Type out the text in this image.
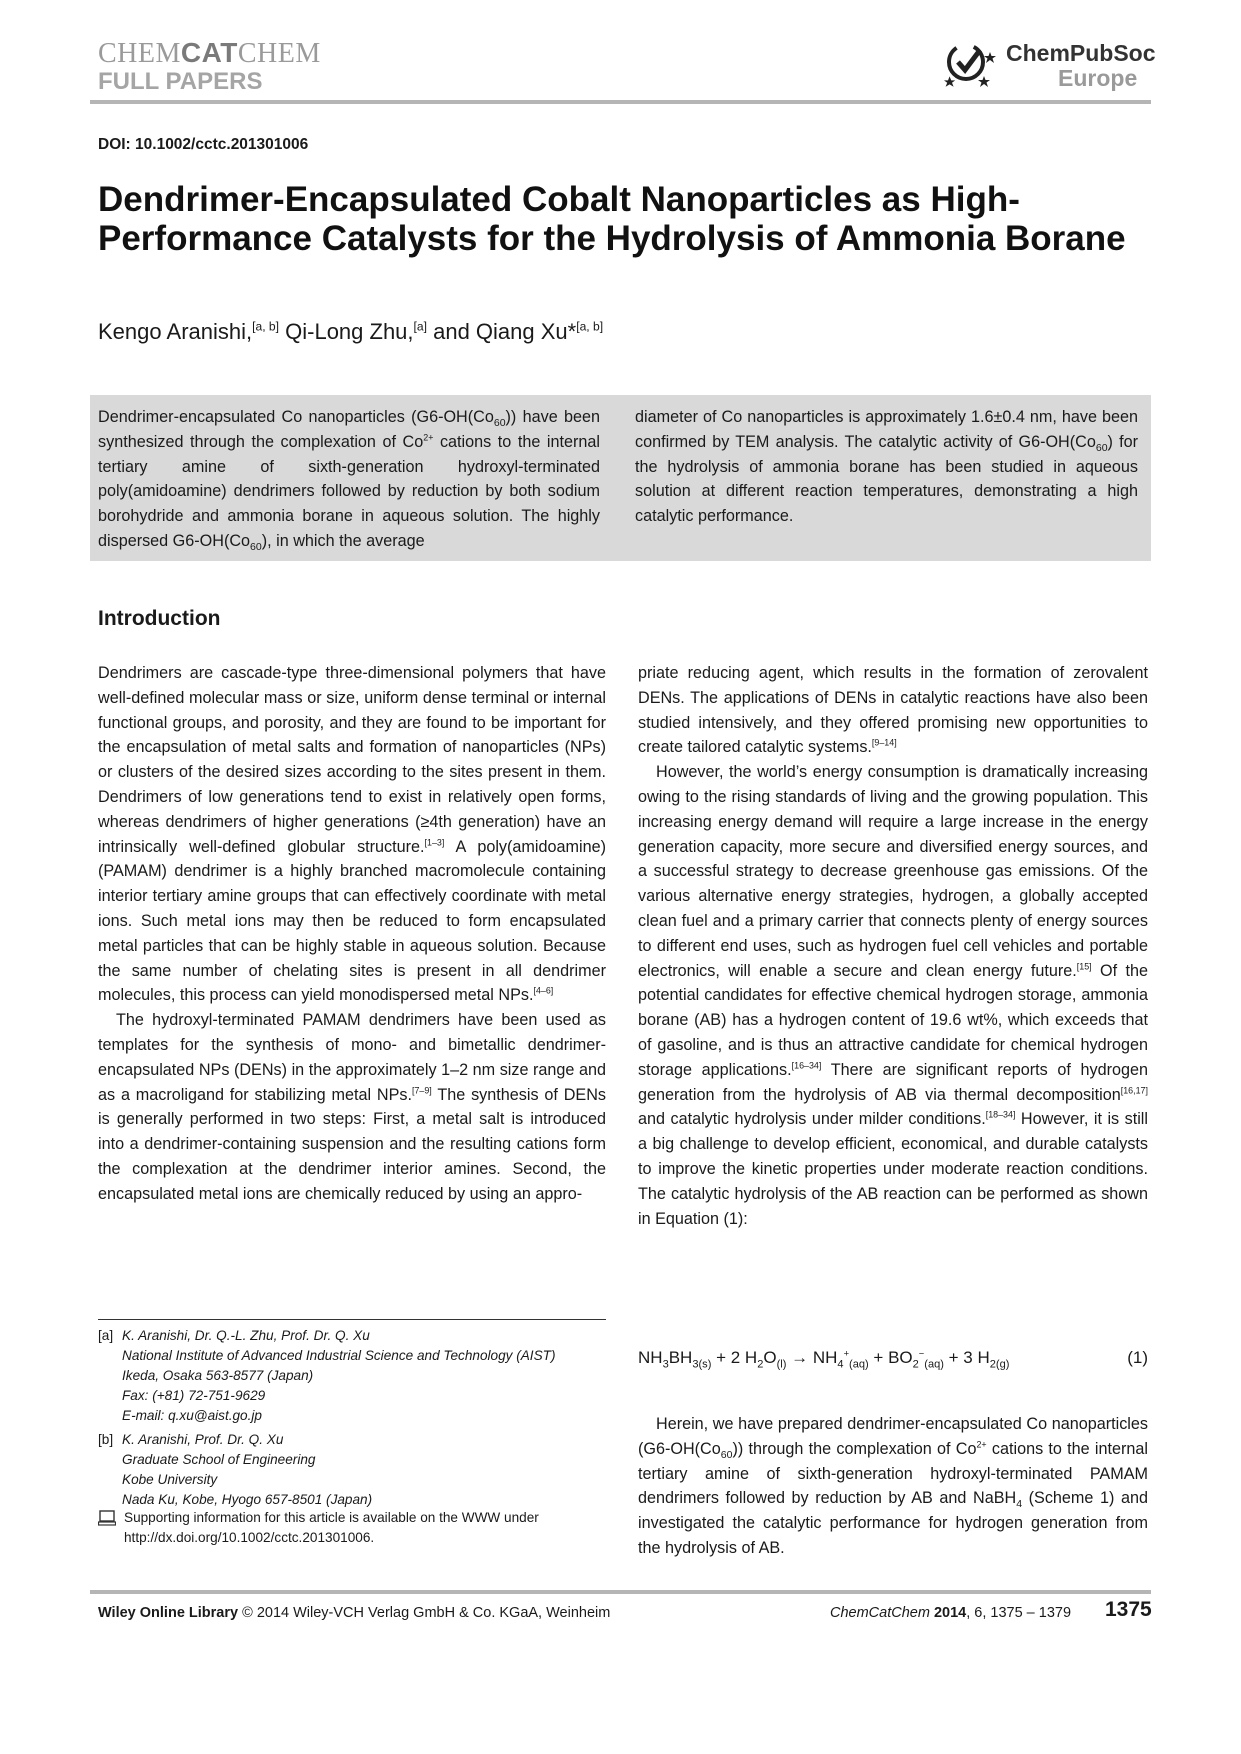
CHEMCATCHEM
FULL PAPERS
ChemPubSoc
Europe
DOI: 10.1002/cctc.201301006
Dendrimer-Encapsulated Cobalt Nanoparticles as High-Performance Catalysts for the Hydrolysis of Ammonia Borane
Kengo Aranishi,[a, b] Qi-Long Zhu,[a] and Qiang Xu*[a, b]
Dendrimer-encapsulated Co nanoparticles $(G6-OH(Co_{60}))$ have been synthesized through the complexation of $Co^{2+}$ cations to the internal tertiary amine of sixth-generation hydroxyl-terminated poly(amidoamine) dendrimers followed by reduction by both sodium borohydride and ammonia borane in aqueous solution. The highly dispersed $G6-OH(Co_{60})$, in which the average
diameter of Co nanoparticles is approximately 1.6±0.4 nm, have been confirmed by TEM analysis. The catalytic activity of $G6-OH(Co_{60})$ for the hydrolysis of ammonia borane has been studied in aqueous solution at different reaction temperatures, demonstrating a high catalytic performance.
Introduction

Dendrimers are cascade-type three-dimensional polymers that have well-defined molecular mass or size, uniform dense terminal or internal functional groups, and porosity, and they are found to be important for the encapsulation of metal salts and formation of nanoparticles (NPs) or clusters of the desired sizes according to the sites present in them. Dendrimers of low generations tend to exist in relatively open forms, whereas dendrimers of higher generations (≥4th generation) have an intrinsically well-defined globular structure.[1–3] A poly(amidoamine) (PAMAM) dendrimer is a highly branched macromolecule containing interior tertiary amine groups that can effectively coordinate with metal ions. Such metal ions may then be reduced to form encapsulated metal particles that can be highly stable in aqueous solution. Because the same number of chelating sites is present in all dendrimer molecules, this process can yield monodispersed metal NPs.[4–6]

The hydroxyl-terminated PAMAM dendrimers have been used as templates for the synthesis of mono- and bimetallic dendrimer-encapsulated NPs (DENs) in the approximately 1–2 nm size range and as a macroligand for stabilizing metal NPs.[7–9] The synthesis of DENs is generally performed in two steps: First, a metal salt is introduced into a dendrimer-containing suspension and the resulting cations form the complexation at the dendrimer interior amines. Second, the encapsulated metal ions are chemically reduced by using an appro-

priate reducing agent, which results in the formation of zerovalent DENs. The applications of DENs in catalytic reactions have also been studied intensively, and they offered promising new opportunities to create tailored catalytic systems.[9–14]

However, the world’s energy consumption is dramatically increasing owing to the rising standards of living and the growing population. This increasing energy demand will require a large increase in the energy generation capacity, more secure and diversified energy sources, and a successful strategy to decrease greenhouse gas emissions. Of the various alternative energy strategies, hydrogen, a globally accepted clean fuel and a primary carrier that connects plenty of energy sources to different end uses, such as hydrogen fuel cell vehicles and portable electronics, will enable a secure and clean energy future.[15] Of the potential candidates for effective chemical hydrogen storage, ammonia borane (AB) has a hydrogen content of 19.6 wt%, which exceeds that of gasoline, and is thus an attractive candidate for chemical hydrogen storage applications.[16–34] There are significant reports of hydrogen generation from the hydrolysis of AB via thermal decomposition[16,17] and catalytic hydrolysis under milder conditions.[18–34] However, it is still a big challenge to develop efficient, economical, and durable catalysts to improve the kinetic properties under moderate reaction conditions. The catalytic hydrolysis of the AB reaction can be performed as shown in Equation (1):

$NH_3BH_{3(s)} + 2$ $H_2O_{(l)} \to NH_4^+_{(aq)} + BO_2^-_{(aq)} + 3$ $H_{2(g)}$	(1)

Herein, we have prepared dendrimer-encapsulated Co nanoparticles $(G6-OH(Co_{60}))$ through the complexation of $Co^{2+}$ cations to the internal tertiary amine of sixth-generation hydroxyl-terminated PAMAM dendrimers followed by reduction by AB and NaBH$_4$ (Scheme 1) and investigated the catalytic performance for hydrogen generation from the hydrolysis of AB.

[a] K. Aranishi, Dr. Q.-L. Zhu, Prof. Dr. Q. Xu
National Institute of Advanced Industrial Science and Technology (AIST)
Ikeda, Osaka 563-8577 (Japan)
Fax: (+81) 72-751-9629
E-mail: q.xu@aist.go.jp
[b] K. Aranishi, Prof. Dr. Q. Xu
Graduate School of Engineering
Kobe University
Nada Ku, Kobe, Hyogo 657-8501 (Japan)
Supporting information for this article is available on the WWW under http://dx.doi.org/10.1002/cctc.201301006.
Wiley Online Library © 2014 Wiley-VCH Verlag GmbH & Co. KGaA, Weinheim	ChemCatChem 2014, 6, 1375 – 1379 1375
